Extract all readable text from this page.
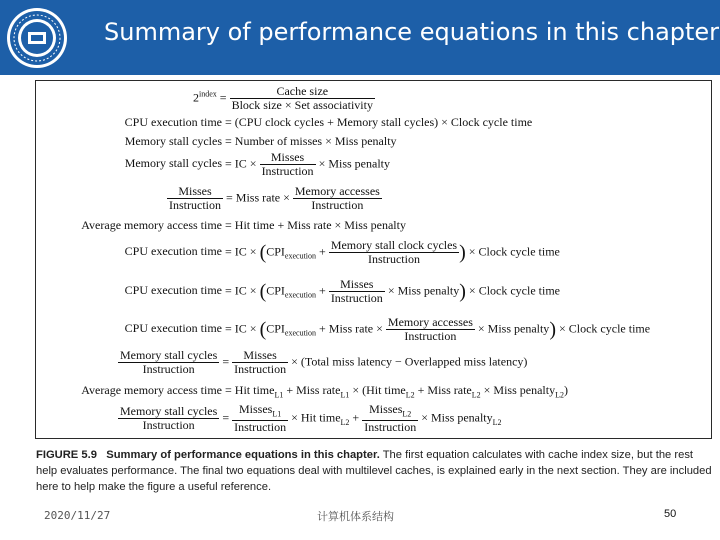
Summary of performance equations in this chapter
$2^{index}$ =	Cache size
Block size × Set associativity
CPU execution time = (CPU clock cycles + Memory stall cycles) × Clock cycle time
Memory stall cycles = Number of misses × Miss penalty
Memory stall cycles = IC ×	Misses
Instruction
× Miss penalty
Misses
Instruction
= Miss rate × Memory accesses
Instruction
Average memory access time = Hit time + Miss rate × Miss penalty
CPU execution time = IC × ($CPI_{execution}$ + Memory stall clock cycles
Instruction	) × Clock cycle time
CPU execution time = IC × ($CPI_{execution}$ +	Misses
Instruction
× Miss penalty) × Clock cycle time
CPU execution time = IC × ($CPI_{execution}$ + Miss rate × Memory accesses
Instruction
× Miss penalty) × Clock cycle time
Memory stall cycles
Instruction
=	Misses
Instruction
× (Total miss latency − Overlapped miss latency)
Average memory access time = Hit time$_{L1}$ + Miss rate$_{L1}$ × (Hit time$_{L2}$ + Miss rate$_{L2}$ × Miss penalty$_{L2}$)
Memory stall cycles
Instruction
=
Misses$_{L1}$
Instruction
× Hit time$_{L2}$ +
Misses$_{L2}$
Instruction
× Miss penalty$_{L2}$
FIGURE 5.9 Summary of performance equations in this chapter. The first equation calculates with cache index size, but the rest help evaluates performance. The final two equations deal with multilevel caches, is explained early in the next section. They are included here to help make the figure a useful reference.
2020/11/27	计算机体系结构	50
